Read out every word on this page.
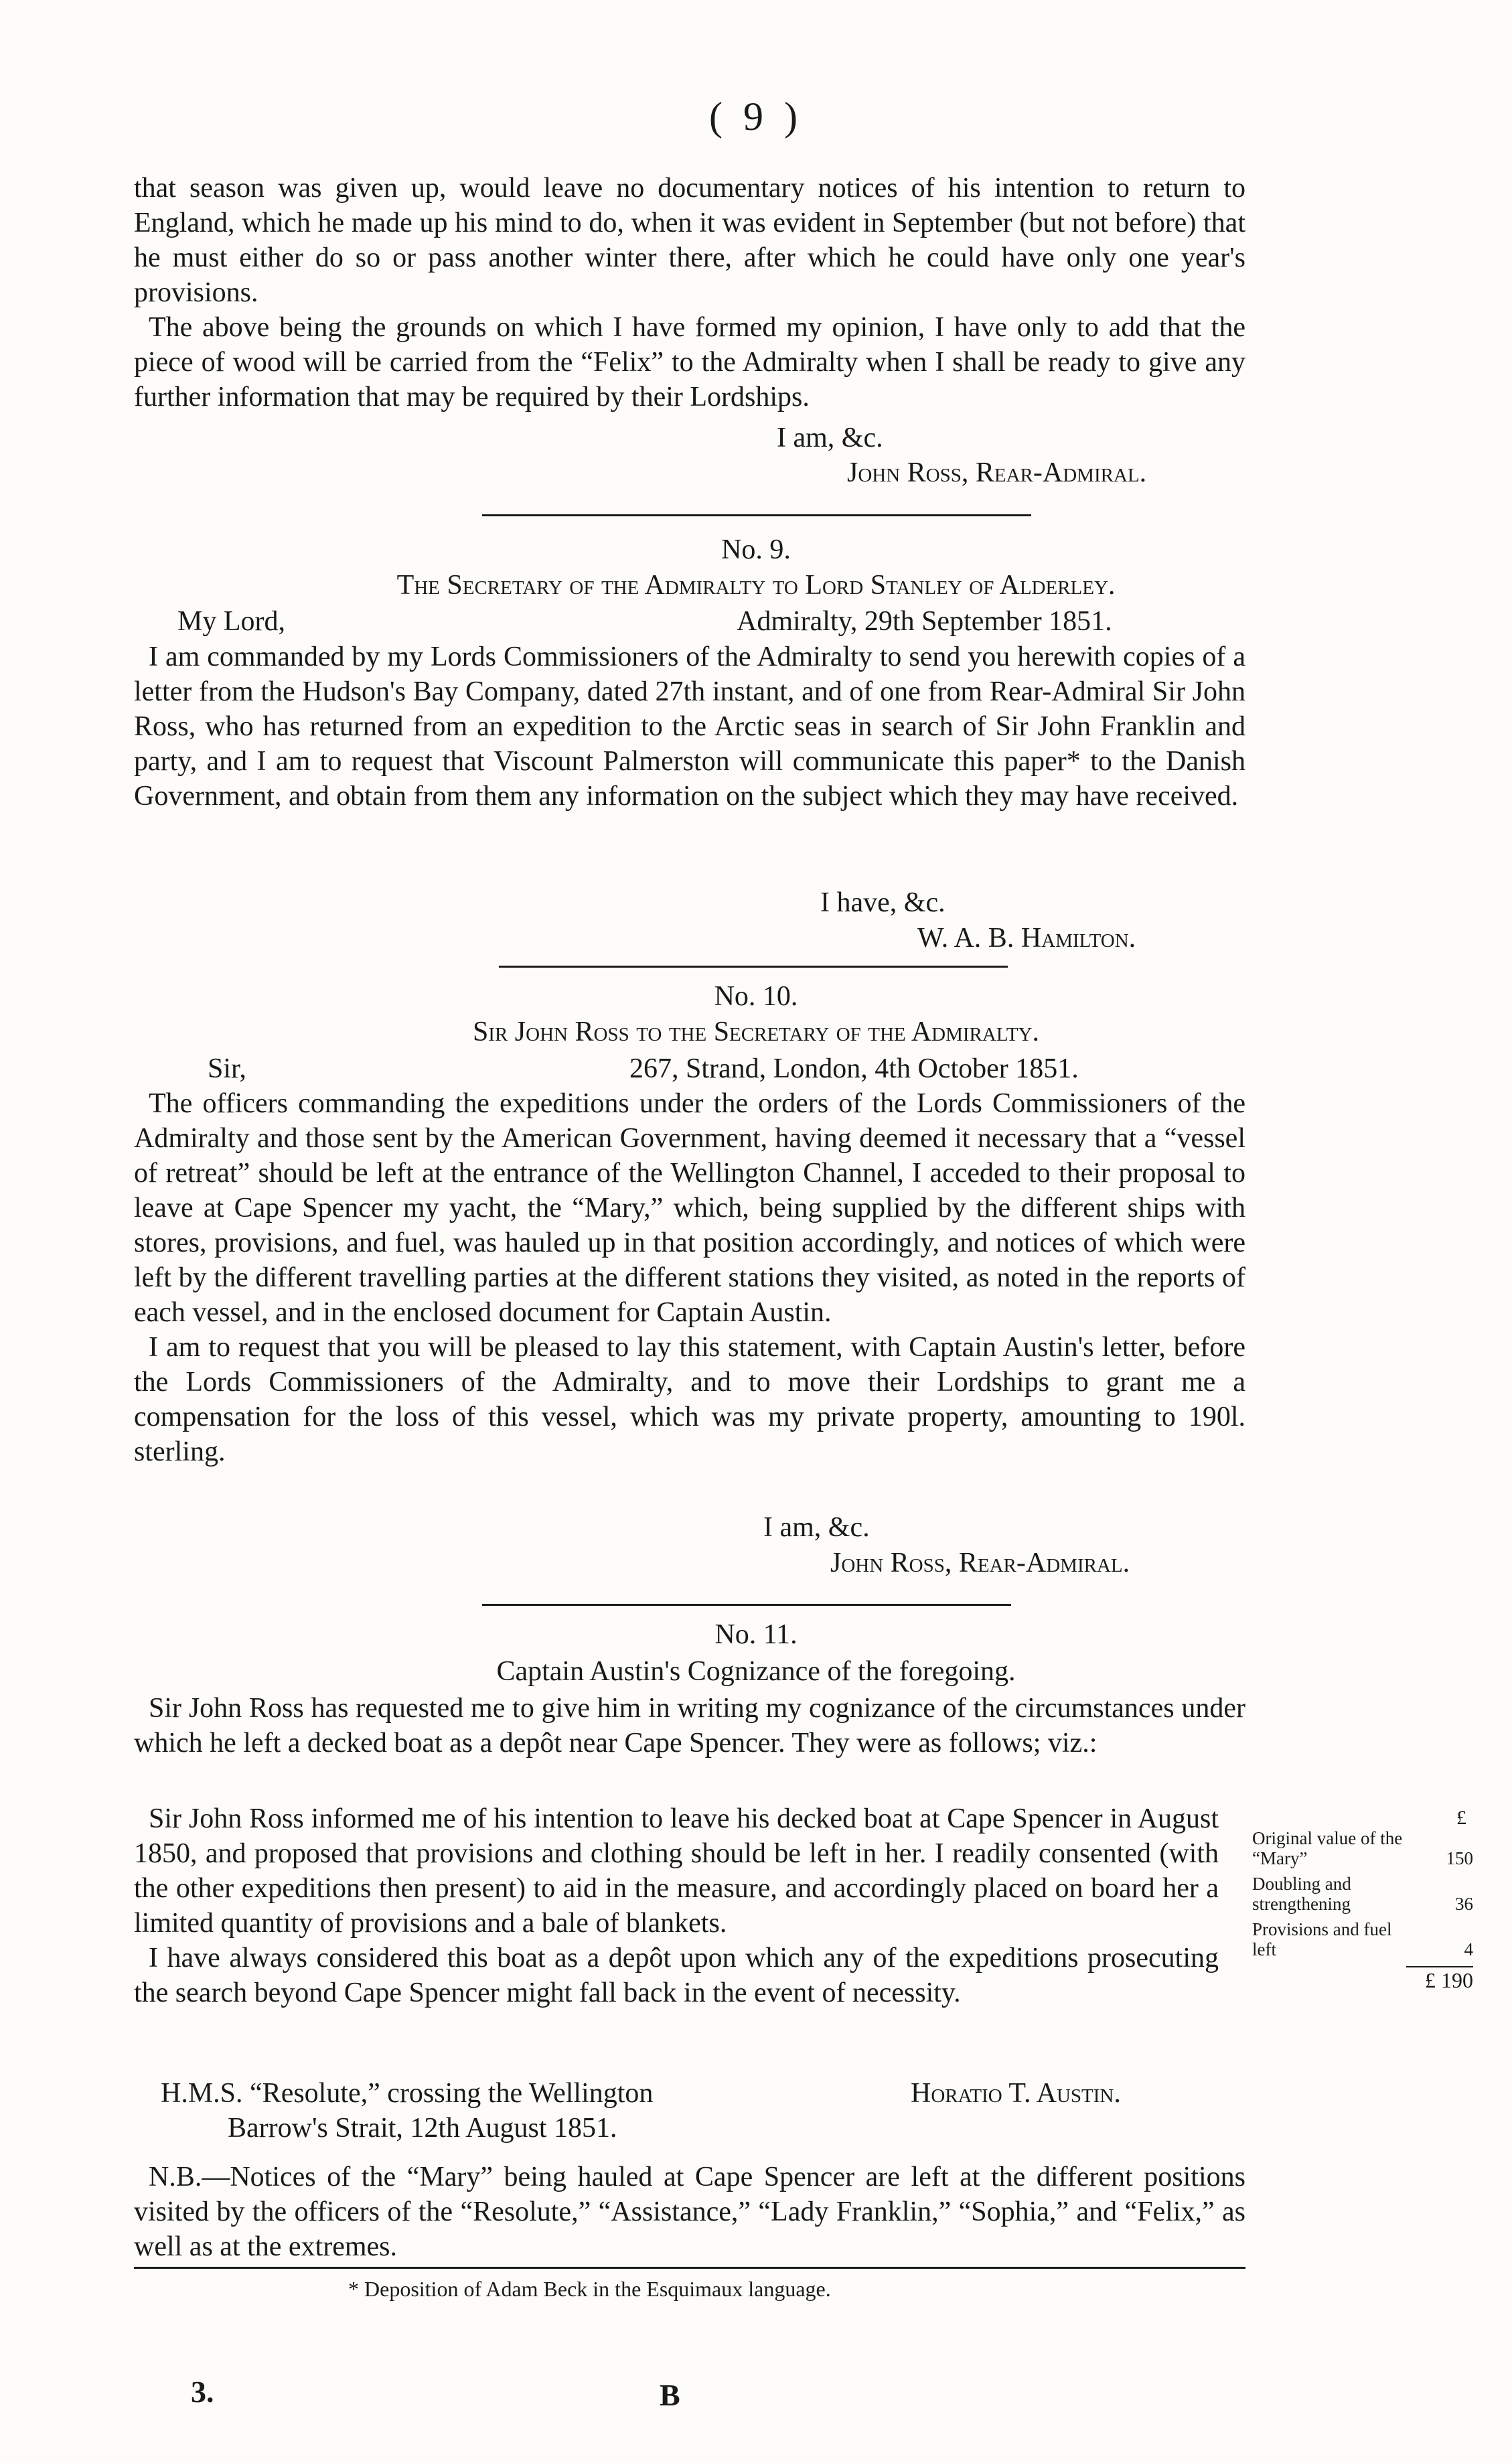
( 9 )

that season was given up, would leave no documentary notices of his intention to return to England, which he made up his mind to do, when it was evident in September (but not before) that he must either do so or pass another winter there, after which he could have only one year's provisions.

The above being the grounds on which I have formed my opinion, I have only to add that the piece of wood will be carried from the “Felix” to the Admiralty when I shall be ready to give any further information that may be required by their Lordships.

I am, &c.
John Ross, Rear-Admiral.
No. 9.
The Secretary of the Admiralty to Lord Stanley of Alderley.
My Lord,	Admiralty, 29th September 1851.

I am commanded by my Lords Commissioners of the Admiralty to send you herewith copies of a letter from the Hudson's Bay Company, dated 27th instant, and of one from Rear-Admiral Sir John Ross, who has returned from an expedition to the Arctic seas in search of Sir John Franklin and party, and I am to request that Viscount Palmerston will communicate this paper* to the Danish Government, and obtain from them any information on the subject which they may have received.

I have, &c.
W. A. B. Hamilton.
No. 10.
Sir John Ross to the Secretary of the Admiralty.
Sir,	267, Strand, London, 4th October 1851.

The officers commanding the expeditions under the orders of the Lords Commissioners of the Admiralty and those sent by the American Government, having deemed it necessary that a “vessel of retreat” should be left at the entrance of the Wellington Channel, I acceded to their proposal to leave at Cape Spencer my yacht, the “Mary,” which, being supplied by the different ships with stores, provisions, and fuel, was hauled up in that position accordingly, and notices of which were left by the different travelling parties at the different stations they visited, as noted in the reports of each vessel, and in the enclosed document for Captain Austin.

I am to request that you will be pleased to lay this statement, with Captain Austin's letter, before the Lords Commissioners of the Admiralty, and to move their Lordships to grant me a compensation for the loss of this vessel, which was my private property, amounting to 190l. sterling.

I am, &c.
John Ross, Rear-Admiral.
No. 11.
Captain Austin's Cognizance of the foregoing.

Sir John Ross has requested me to give him in writing my cognizance of the circumstances under which he left a decked boat as a depôt near Cape Spencer. They were as follows; viz.:

Sir John Ross informed me of his intention to leave his decked boat at Cape Spencer in August 1850, and proposed that provisions and clothing should be left in her. I readily consented (with the other expeditions then present) to aid in the measure, and accordingly placed on board her a limited quantity of provisions and a bale of blankets.

I have always considered this boat as a depôt upon which any of the expeditions prosecuting the search beyond Cape Spencer might fall back in the event of necessity.

H.M.S. “Resolute,” crossing the Wellington	Horatio T. Austin.
Barrow's Strait, 12th August 1851.

N.B.—Notices of the “Mary” being hauled at Cape Spencer are left at the different positions visited by the officers of the “Resolute,” “Assistance,” “Lady Franklin,” “Sophia,” and “Felix,” as well as at the extremes.

£
Original value of the “Mary”	150
Doubling and strengthening	36
Provisions and fuel left	4
£ 190
* Deposition of Adam Beck in the Esquimaux language.
3.	B
